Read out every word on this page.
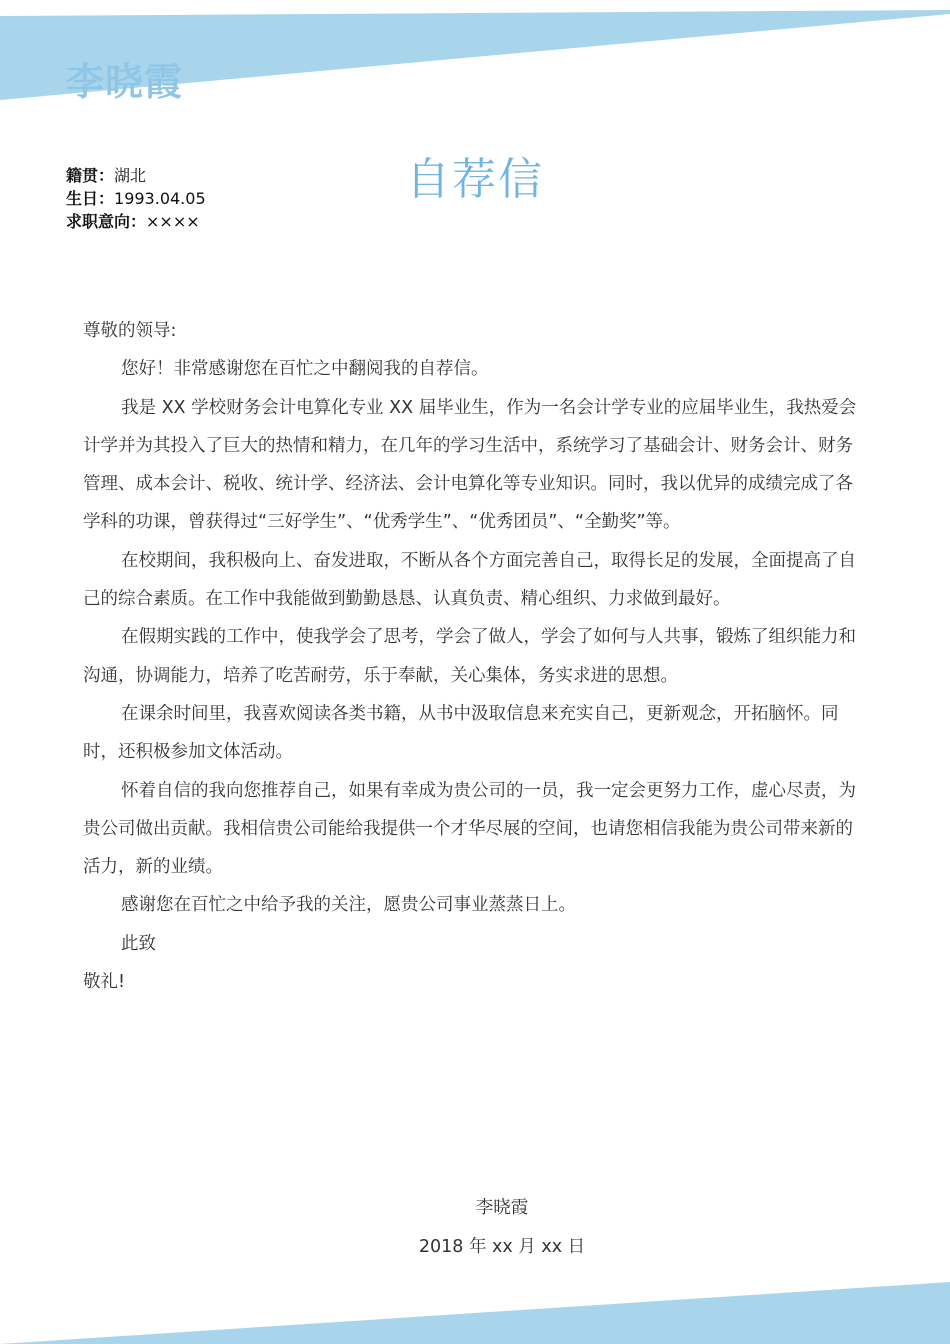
李晓霞
籍贯：湖北
生日：1993.04.05
求职意向：××××
自荐信

尊敬的领导:

您好！非常感谢您在百忙之中翻阅我的自荐信。

我是 XX 学校财务会计电算化专业 XX 届毕业生，作为一名会计学专业的应届毕业生，我热爱会计学并为其投入了巨大的热情和精力，在几年的学习生活中，系统学习了基础会计、财务会计、财务管理、成本会计、税收、统计学、经济法、会计电算化等专业知识。同时，我以优异的成绩完成了各学科的功课，曾获得过“三好学生”、“优秀学生”、“优秀团员”、“全勤奖”等。

在校期间，我积极向上、奋发进取，不断从各个方面完善自己，取得长足的发展，全面提高了自己的综合素质。在工作中我能做到勤勤恳恳、认真负责、精心组织、力求做到最好。

在假期实践的工作中，使我学会了思考，学会了做人，学会了如何与人共事，锻炼了组织能力和沟通，协调能力，培养了吃苦耐劳，乐于奉献，关心集体，务实求进的思想。

在课余时间里，我喜欢阅读各类书籍，从书中汲取信息来充实自己，更新观念，开拓脑怀。同时，还积极参加文体活动。

怀着自信的我向您推荐自己，如果有幸成为贵公司的一员，我一定会更努力工作，虚心尽责，为贵公司做出贡献。我相信贵公司能给我提供一个才华尽展的空间，也请您相信我能为贵公司带来新的活力，新的业绩。

感谢您在百忙之中给予我的关注，愿贵公司事业蒸蒸日上。

此致

敬礼!

李晓霞
2018 年 xx 月 xx 日
